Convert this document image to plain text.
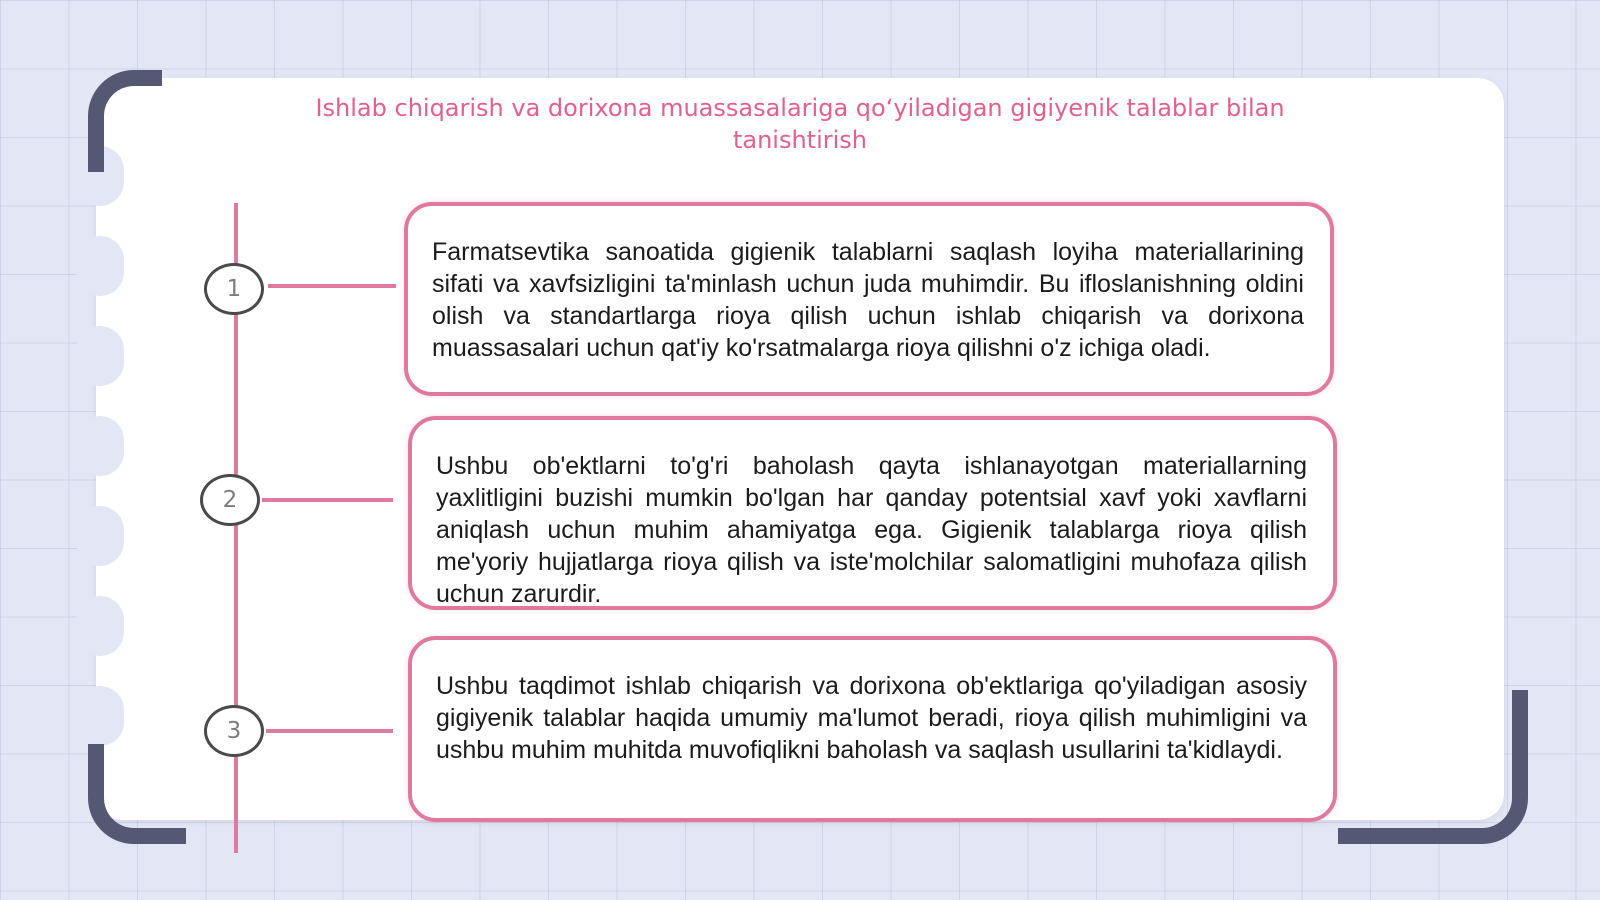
Ishlab chiqarish va dorixona muassasalariga qo‘yiladigan gigiyenik talablar bilan tanishtirish
1

Farmatsevtika sanoatida gigienik talablarni saqlash loyiha materiallarining sifati va xavfsizligini ta'minlash uchun juda muhimdir. Bu ifloslanishning oldini olish va standartlarga rioya qilish uchun ishlab chiqarish va dorixona muassasalari uchun qat'iy ko'rsatmalarga rioya qilishni o'z ichiga oladi.

2

Ushbu ob'ektlarni to'g'ri baholash qayta ishlanayotgan materiallarning yaxlitligini buzishi mumkin bo'lgan har qanday potentsial xavf yoki xavflarni aniqlash uchun muhim ahamiyatga ega. Gigienik talablarga rioya qilish me'yoriy hujjatlarga rioya qilish va iste'molchilar salomatligini muhofaza qilish uchun zarurdir.

3

Ushbu taqdimot ishlab chiqarish va dorixona ob'ektlariga qo'yiladigan asosiy gigiyenik talablar haqida umumiy ma'lumot beradi, rioya qilish muhimligini va ushbu muhim muhitda muvofiqlikni baholash va saqlash usullarini ta'kidlaydi.
